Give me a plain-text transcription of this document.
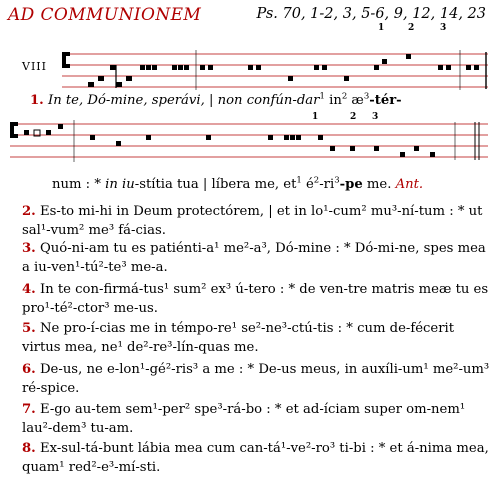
AD COMMUNIONEM	Ps. 70, 1-2, 3, 5-6, 9, 12, 14, 23
1	2	3
VIII
1. In te, Dó-mine, sperávi, | non confún-dar$^1$ $in^2$ $æ^3-tér-$
1	2 3
num : * in iu-stítia tua | líbera me, $et^1$ $é^2-ri^3-pe$ me. Ant.
2. Es-to mi-hi in Deum protectórem, | et in lo¹-cum² mu³-ní-tum : * ut sal¹-vum² me³ fá-cias.
3. Quó-ni-am tu es patiénti-a¹ me²-a³, Dó-mine : * Dó-mi-ne, spes mea a iu-ven¹-tú²-te³ me-a.
4. In te con-firmá-tus¹ sum² ex³ ú-tero : * de ven-tre matris meæ tu es pro¹-té²-ctor³ me-us.
5. Ne pro-í-cias me in témpo-re¹ se²-ne³-ctú-tis : * cum de-fécerit virtus mea, ne¹ de²-re³-lín-quas me.
6. De-us, ne e-lon¹-gé²-ris³ a me : * De-us meus, in auxíli-um¹ me²-um³ ré-spice.
7. E-go au-tem sem¹-per² spe³-rá-bo : * et ad-íciam super om-nem¹ lau²-dem³ tu-am.
8. Ex-sul-tá-bunt lábia mea cum can-tá¹-ve²-ro³ ti-bi : * et á-nima mea, quam¹ red²-e³-mí-sti.
